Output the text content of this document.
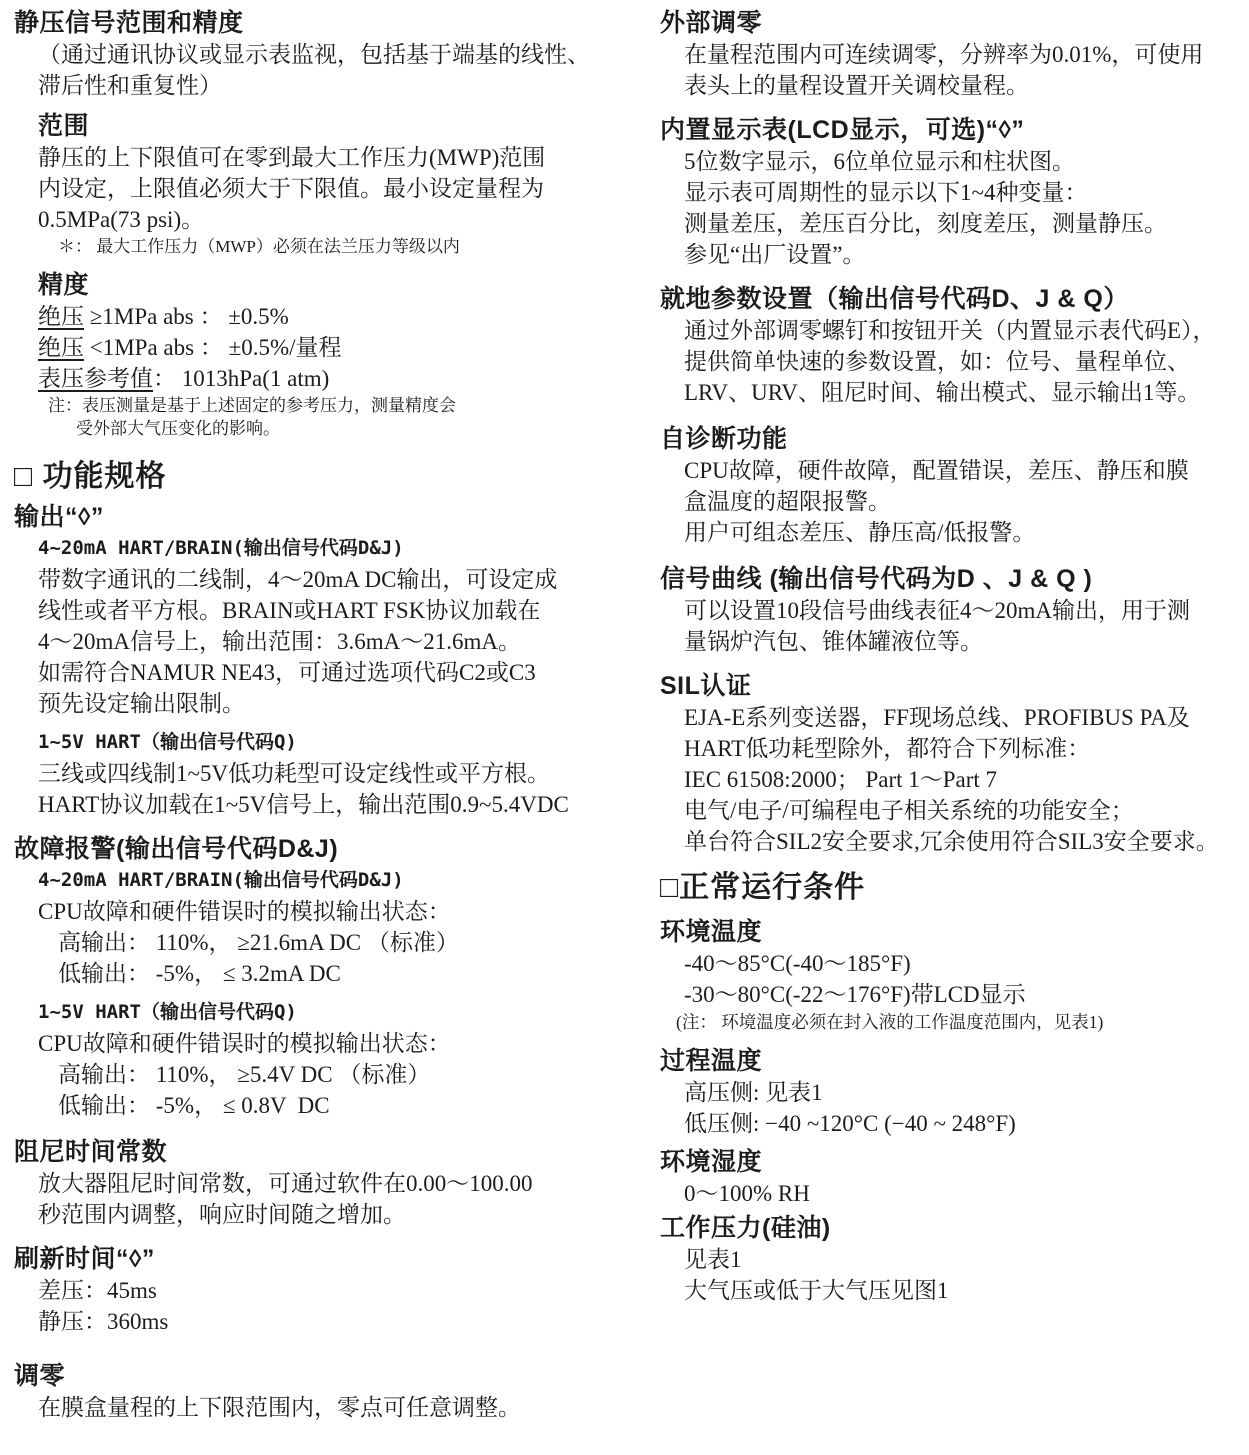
静压信号范围和精度
（通过通讯协议或显示表监视，包括基于端基的线性、
滞后性和重复性）
范围
静压的上下限值可在零到最大工作压力(MWP)范围
内设定，上限值必须大于下限值。最小设定量程为
0.5MPa(73 psi)。
＊： 最大工作压力（MWP）必须在法兰压力等级以内
精度
绝压 ≥1MPa abs ： ±0.5%
绝压 <1MPa abs ： ±0.5%/量程
表压参考值： 1013hPa(1 atm)
注：表压测量是基于上述固定的参考压力，测量精度会
受外部大气压变化的影响。
□ 功能规格
输出“◊”
4~20mA HART/BRAIN(输出信号代码D&J)
带数字通讯的二线制，4～20mA DC输出，可设定成
线性或者平方根。BRAIN或HART FSK协议加载在
4～20mA信号上，输出范围：3.6mA～21.6mA。
如需符合NAMUR NE43，可通过选项代码C2或C3
预先设定输出限制。
1~5V HART（输出信号代码Q)
三线或四线制1~5V低功耗型可设定线性或平方根。
HART协议加载在1~5V信号上，输出范围0.9~5.4VDC
故障报警(输出信号代码D&J)
4~20mA HART/BRAIN(输出信号代码D&J)
CPU故障和硬件错误时的模拟输出状态：
高输出： 110%， ≥21.6mA DC （标准）
低输出： -5%， ≤ 3.2mA DC
1~5V HART（输出信号代码Q)
CPU故障和硬件错误时的模拟输出状态：
高输出： 110%， ≥5.4V DC （标准）
低输出： -5%， ≤ 0.8V  DC
阻尼时间常数
放大器阻尼时间常数，可通过软件在0.00～100.00
秒范围内调整，响应时间随之增加。
刷新时间“◊”
差压：45ms
静压：360ms
调零
在膜盒量程的上下限范围内，零点可任意调整。
外部调零
在量程范围内可连续调零，分辨率为0.01%，可使用
表头上的量程设置开关调校量程。
内置显示表(LCD显示，可选)“◊”
5位数字显示，6位单位显示和柱状图。
显示表可周期性的显示以下1~4种变量：
测量差压，差压百分比，刻度差压，测量静压。
参见“出厂设置”。
就地参数设置（输出信号代码D、J & Q）
通过外部调零螺钉和按钮开关（内置显示表代码E），
提供简单快速的参数设置，如：位号、量程单位、
LRV、URV、阻尼时间、输出模式、显示输出1等。
自诊断功能
CPU故障，硬件故障，配置错误，差压、静压和膜
盒温度的超限报警。
用户可组态差压、静压高/低报警。
信号曲线 (输出信号代码为D 、J & Q )
可以设置10段信号曲线表征4～20mA输出，用于测
量锅炉汽包、锥体罐液位等。
SIL认证
EJA-E系列变送器，FF现场总线、PROFIBUS PA及
HART低功耗型除外，都符合下列标准：
IEC 61508:2000； Part 1～Part 7
电气/电子/可编程电子相关系统的功能安全；
单台符合SIL2安全要求,冗余使用符合SIL3安全要求。
□正常运行条件
环境温度
-40～85°C(-40～185°F)
-30～80°C(-22～176°F)带LCD显示
(注： 环境温度必须在封入液的工作温度范围内，见表1)
过程温度
高压侧: 见表1
低压侧: −40 ~120°C (−40 ~ 248°F)
环境湿度
0～100% RH
工作压力(硅油)
见表1
大气压或低于大气压见图1
